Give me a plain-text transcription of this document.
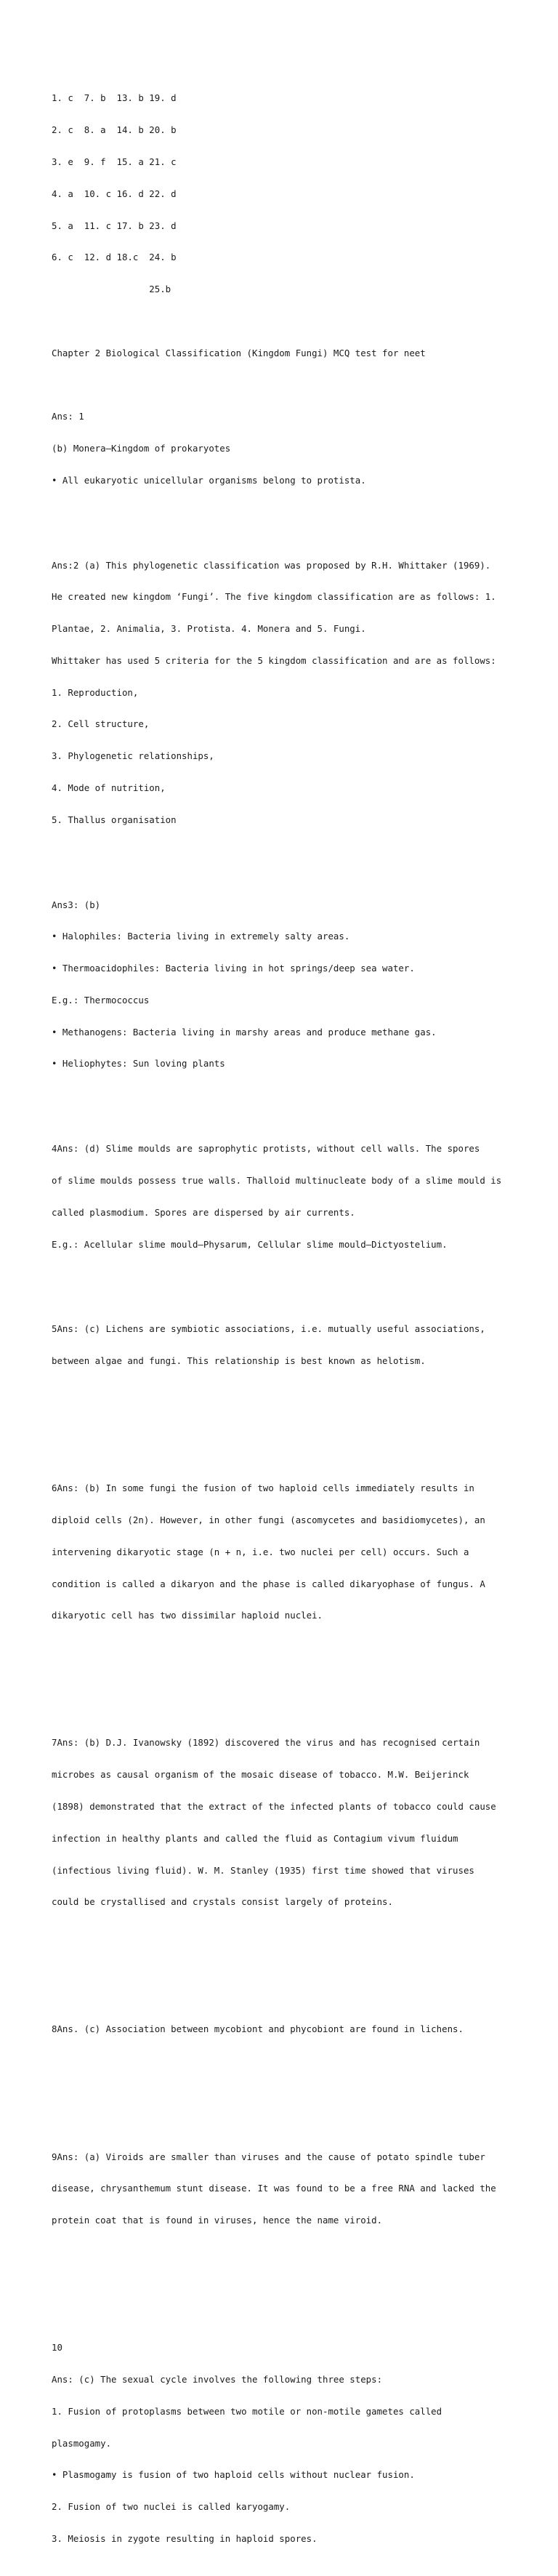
1. c  7. b  13. b 19. d

2. c  8. a  14. b 20. b

3. e  9. f  15. a 21. c

4. a  10. c 16. d 22. d

5. a  11. c 17. b 23. d

6. c  12. d 18.c  24. b

25.b

Chapter 2 Biological Classification (Kingdom Fungi) MCQ test for neet

Ans: 1

(b) Monera—Kingdom of prokaryotes

• All eukaryotic unicellular organisms belong to protista.

Ans:2 (a) This phylogenetic classification was proposed by R.H. Whittaker (1969).

He created new kingdom ‘Fungi’. The five kingdom classification are as follows: 1.

Plantae, 2. Animalia, 3. Protista. 4. Monera and 5. Fungi.

Whittaker has used 5 criteria for the 5 kingdom classification and are as follows:

1. Reproduction,

2. Cell structure,

3. Phylogenetic relationships,

4. Mode of nutrition,

5. Thallus organisation

Ans3: (b)

• Halophiles: Bacteria living in extremely salty areas.

• Thermoacidophiles: Bacteria living in hot springs/deep sea water.

E.g.: Thermococcus

• Methanogens: Bacteria living in marshy areas and produce methane gas.

• Heliophytes: Sun loving plants

4Ans: (d) Slime moulds are saprophytic protists, without cell walls. The spores

of slime moulds possess true walls. Thalloid multinucleate body of a slime mould is

called plasmodium. Spores are dispersed by air currents.

E.g.: Acellular slime mould—Physarum, Cellular slime mould—Dictyostelium.

5Ans: (c) Lichens are symbiotic associations, i.e. mutually useful associations,

between algae and fungi. This relationship is best known as helotism.

6Ans: (b) In some fungi the fusion of two haploid cells immediately results in

diploid cells (2n). However, in other fungi (ascomycetes and basidiomycetes), an

intervening dikaryotic stage (n + n, i.e. two nuclei per cell) occurs. Such a

condition is called a dikaryon and the phase is called dikaryophase of fungus. A

dikaryotic cell has two dissimilar haploid nuclei.

7Ans: (b) D.J. Ivanowsky (1892) discovered the virus and has recognised certain

microbes as causal organism of the mosaic disease of tobacco. M.W. Beijerinck

(1898) demonstrated that the extract of the infected plants of tobacco could cause

infection in healthy plants and called the fluid as Contagium vivum fluidum

(infectious living fluid). W. M. Stanley (1935) first time showed that viruses

could be crystallised and crystals consist largely of proteins.

8Ans. (c) Association between mycobiont and phycobiont are found in lichens.

9Ans: (a) Viroids are smaller than viruses and the cause of potato spindle tuber

disease, chrysanthemum stunt disease. It was found to be a free RNA and lacked the

protein coat that is found in viruses, hence the name viroid.

10

Ans: (c) The sexual cycle involves the following three steps:

1. Fusion of protoplasms between two motile or non-motile gametes called

plasmogamy.

• Plasmogamy is fusion of two haploid cells without nuclear fusion.

2. Fusion of two nuclei is called karyogamy.

3. Meiosis in zygote resulting in haploid spores.
